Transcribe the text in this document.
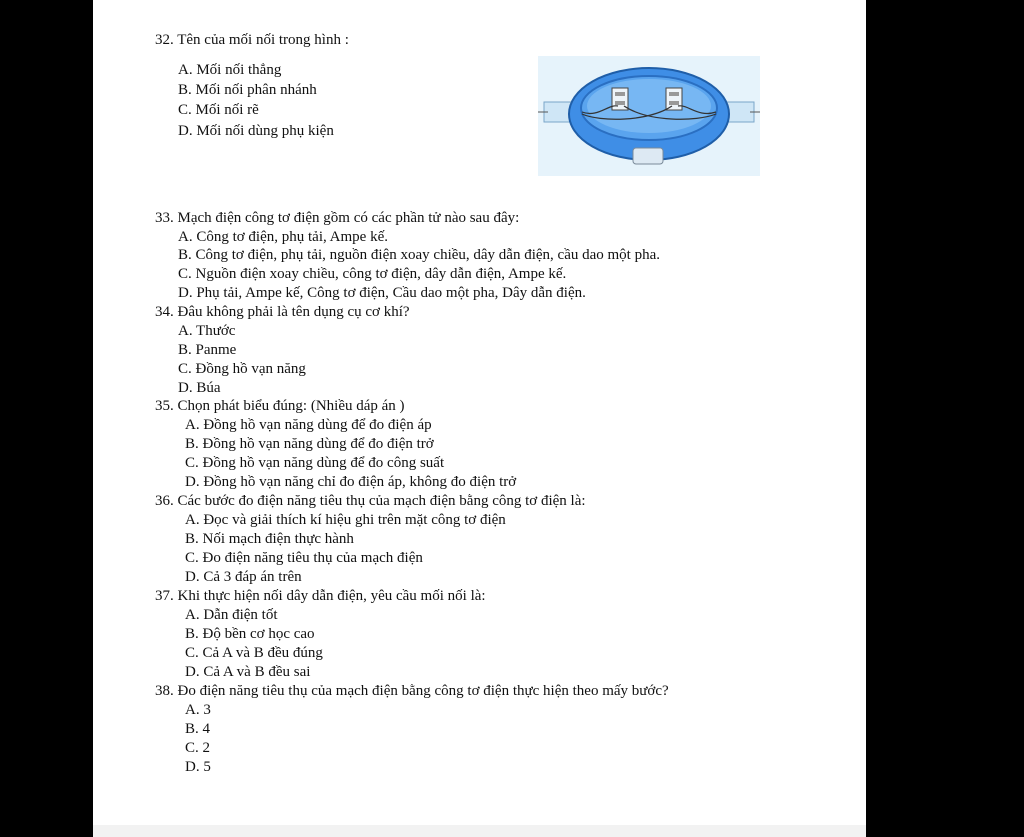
32. Tên của mối nối trong hình :
A. Mối nối thẳng
B. Mối nối phân nhánh
C. Mối nối rẽ
D. Mối nối dùng phụ kiện
33. Mạch điện công tơ điện gồm có các phần tử nào sau đây:
A. Công tơ điện, phụ tải, Ampe kế.
B. Công tơ điện, phụ tải, nguồn điện xoay chiều, dây dẫn điện, cầu dao một pha.
C. Nguồn điện xoay chiều, công tơ điện, dây dẫn điện, Ampe kế.
D. Phụ tải, Ampe kế, Công tơ điện, Cầu dao một pha, Dây dẫn điện.
34. Đâu không phải là tên dụng cụ cơ khí?
A. Thước
B. Panme
C. Đồng hồ vạn năng
D. Búa
35. Chọn phát biểu đúng: (Nhiều dáp án )
A. Đồng hồ vạn năng dùng để đo điện áp
B. Đồng hồ vạn năng dùng để đo điện trở
C. Đồng hồ vạn năng dùng để đo công suất
D. Đồng hồ vạn năng chỉ đo điện áp, không đo điện trở
36. Các bước đo điện năng tiêu thụ của mạch điện bằng công tơ điện là:
A. Đọc và giải thích kí hiệu ghi trên mặt công tơ điện
B. Nối mạch điện thực hành
C. Đo điện năng tiêu thụ của mạch điện
D. Cả 3 đáp án trên
37. Khi thực hiện nối dây dẫn điện, yêu cầu mối nối là:
A. Dẫn điện tốt
B. Độ bền cơ học cao
C. Cả A và B đều đúng
D. Cả A và B đều sai
38. Đo điện năng tiêu thụ của mạch điện bằng công tơ điện thực hiện theo mấy bước?
A. 3
B. 4
C. 2
D. 5
